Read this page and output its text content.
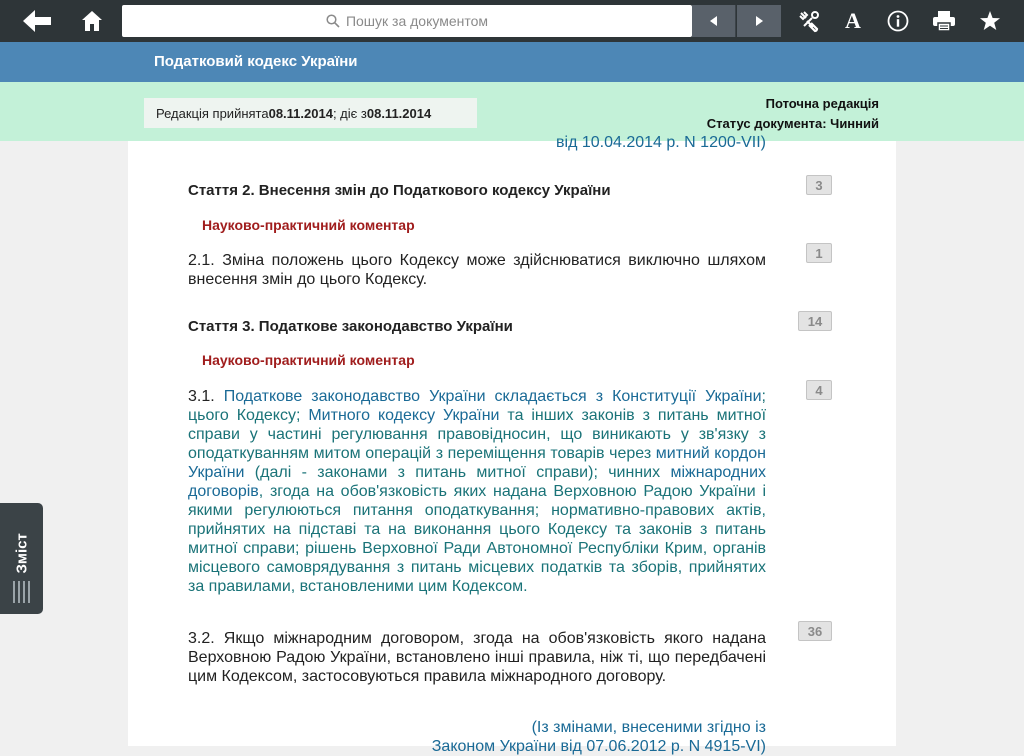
Пошук за документом	A
Податковий кодекс України
Редакція прийнята 08.11.2014 ; діє з 08.11.2014
Поточна редакція
Статус документа: Чинний
від 10.04.2014 р. N 1200-VII)
Стаття 2. Внесення змін до Податкового кодексу України	3
Науково-практичний коментар
2.1. Зміна положень цього Кодексу може здійснюватися виключно шляхом внесення змін до цього Кодексу.
1
Стаття 3. Податкове законодавство України	14
Науково-практичний коментар
3.1. Податкове законодавство України складається з Конституції України; цього Кодексу; Митного кодексу України та інших законів з питань митної справи у частині регулювання правовідносин, що виникають у зв'язку з оподаткуванням митом операцій з переміщення товарів через митний кордон України (далі - законами з питань митної справи); чинних міжнародних договорів, згода на обов'язковість яких надана Верховною Радою України і якими регулюються питання оподаткування; нормативно-правових актів, прийнятих на підставі та на виконання цього Кодексу та законів з питань митної справи; рішень Верховної Ради Автономної Республіки Крим, органів місцевого самоврядування з питань місцевих податків та зборів, прийнятих за правилами, встановленими цим Кодексом.
4
3.2. Якщо міжнародним договором, згода на обов'язковість якого надана Верховною Радою України, встановлено інші правила, ніж ті, що передбачені цим Кодексом, застосовуються правила міжнародного договору.
36
(Із змінами, внесеними згідно із
Законом України від 07.06.2012 р. N 4915-VI)
Зміст
